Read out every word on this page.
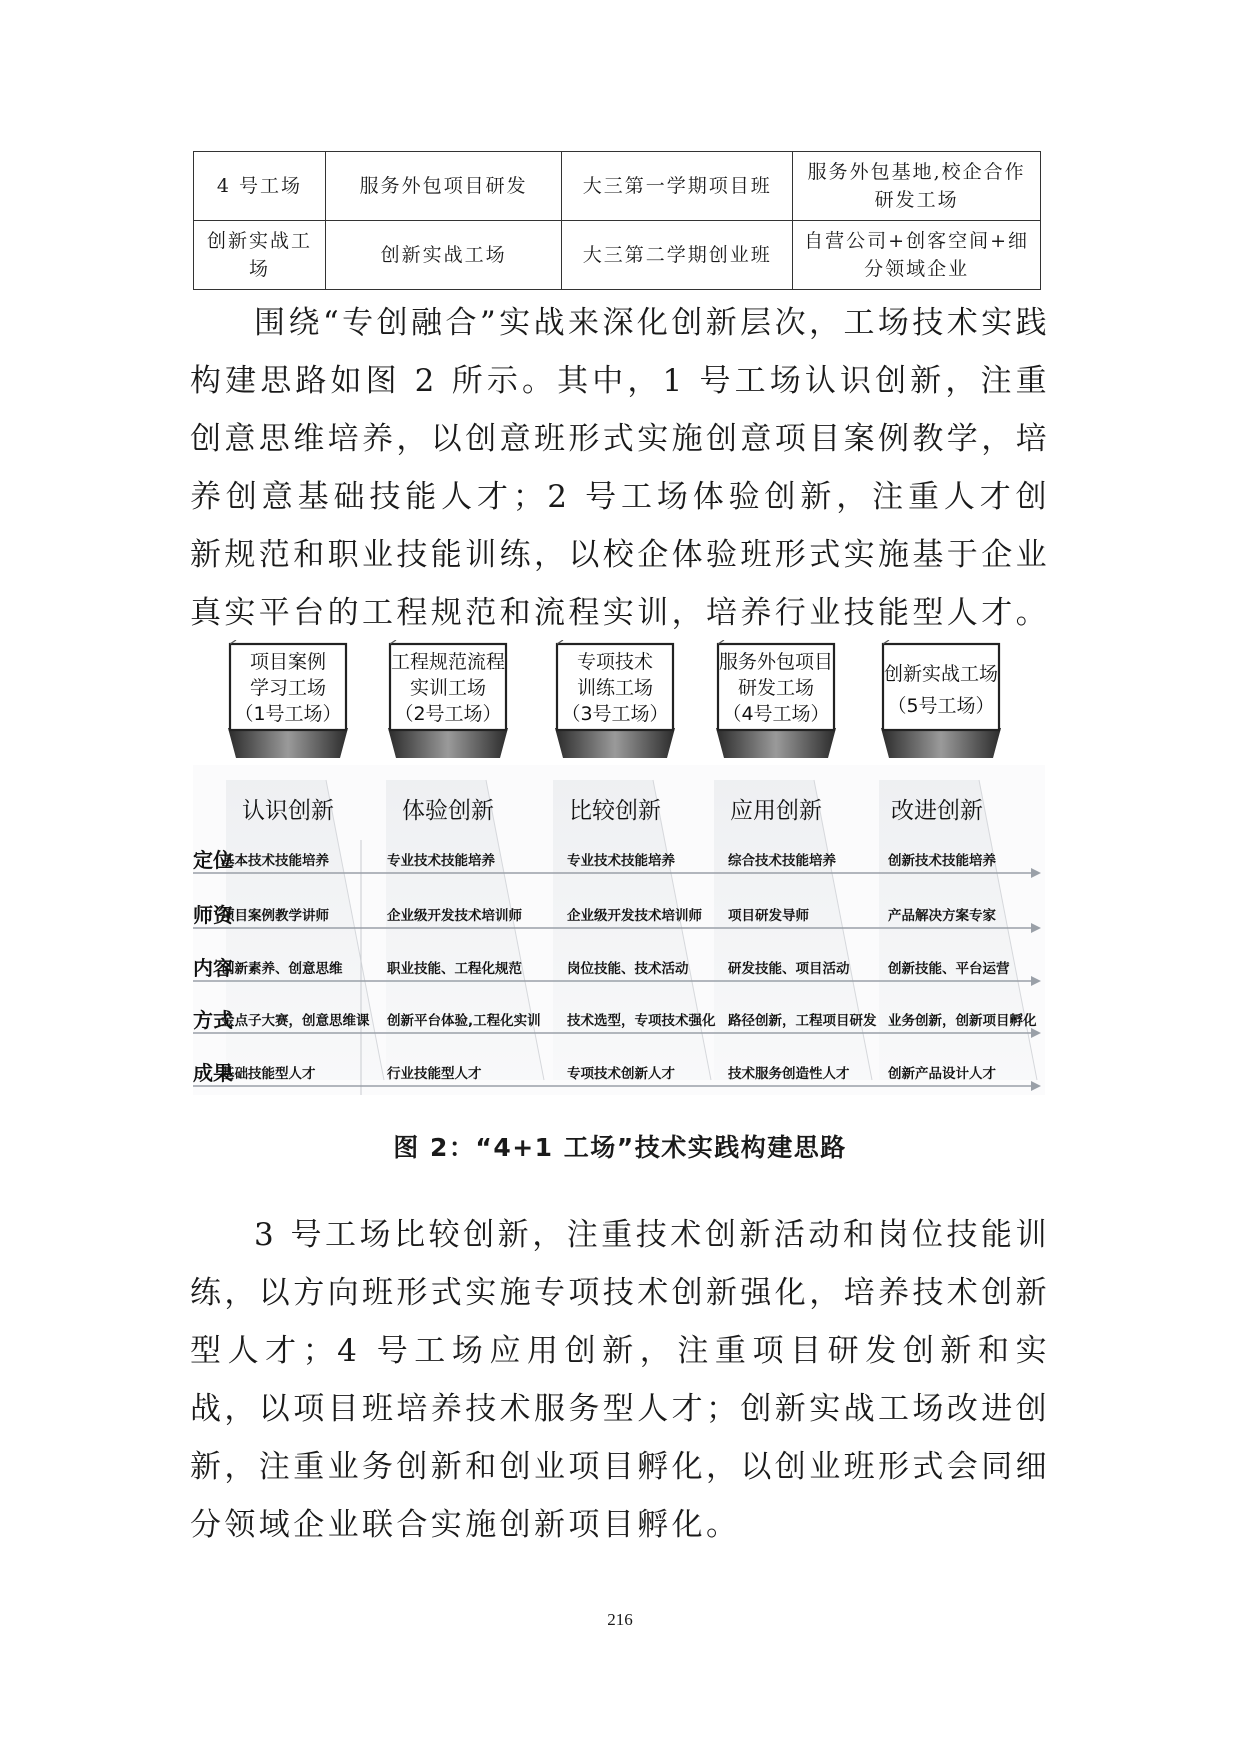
4 号工场	服务外包项目研发	大三第一学期项目班	服务外包基地,校企合作研发工场
创新实战工场	创新实战工场	大三第二学期创业班	自营公司+创客空间+细分领域企业

围绕“专创融合”实战来深化创新层次，工场技术实践构建思路如图 2 所示。其中，1 号工场认识创新，注重创意思维培养，以创意班形式实施创意项目案例教学，培养创意基础技能人才；2 号工场体验创新，注重人才创新规范和职业技能训练，以校企体验班形式实施基于企业真实平台的工程规范和流程实训，培养行业技能型人才。

项目案例
学习工场
（1号工场）
工程规范流程
实训工场
（2号工场）
专项技术
训练工场
（3号工场）
服务外包项目
研发工场
（4号工场）
创新实战工场
（5号工场）
认识创新	体验创新	比较创新	应用创新	改进创新
定位
基本技术技能培养	专业技术技能培养	专业技术技能培养	综合技术技能培养	创新技术技能培养
师资
项目案例教学讲师	企业级开发技术培训师	企业级开发技术培训师 项目研发导师	产品解决方案专家
内容
创新素养、创意思维	职业技能、工程化规范	岗位技能、技术活动	研发技能、项目活动	创新技能、平台运营
方式
金点子大赛，创意思维课 创新平台体验,工程化实训 技术选型，专项技术强化 路径创新，工程项目研发 业务创新，创新项目孵化
成果
基础技能型人才	行业技能型人才	专项技术创新人才	技术服务创造性人才	创新产品设计人才
图 2：“4+1 工场”技术实践构建思路

3 号工场比较创新，注重技术创新活动和岗位技能训练，以方向班形式实施专项技术创新强化，培养技术创新型人才；4 号工场应用创新，注重项目研发创新和实战，以项目班培养技术服务型人才；创新实战工场改进创新，注重业务创新和创业项目孵化，以创业班形式会同细分领域企业联合实施创新项目孵化。

216
